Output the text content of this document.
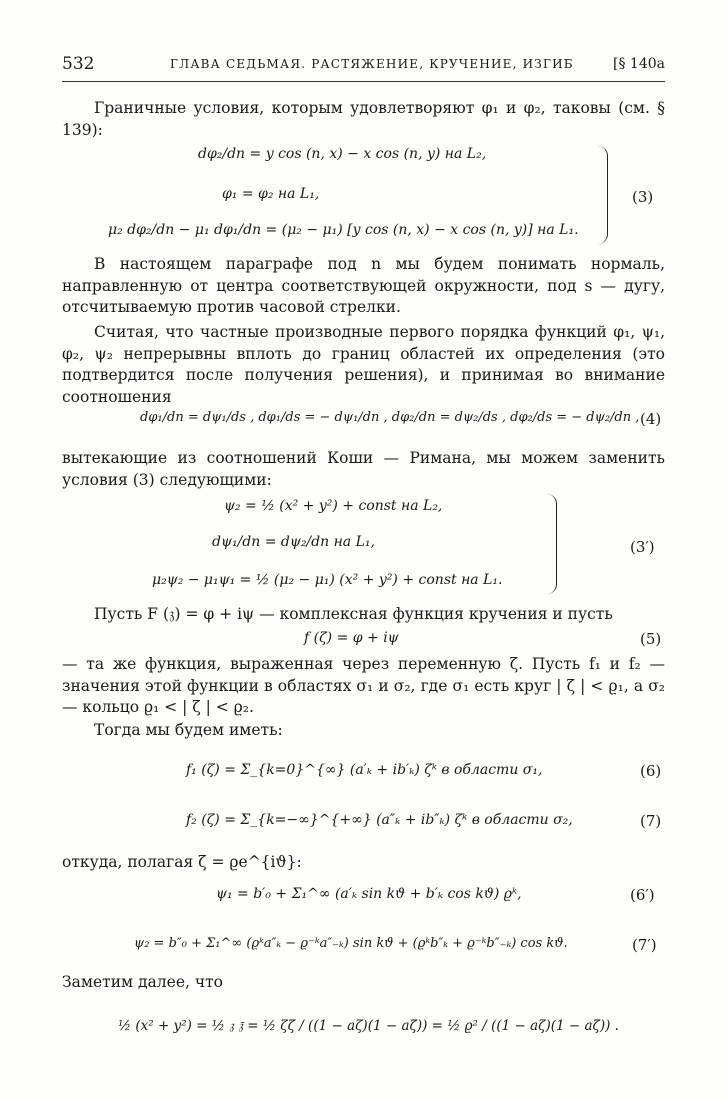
532	ГЛАВА СЕДЬМАЯ. РАСТЯЖЕНИЕ, КРУЧЕНИЕ, ИЗГИБ	[§ 140а
Граничные условия, которым удовлетворяют φ₁ и φ₂, таковы (см. § 139):
dφ₂/dn = y cos (n, x) − x cos (n, y) на L₂,
φ₁ = φ₂ на L₁,
μ₂ dφ₂/dn − μ₁ dφ₁/dn = (μ₂ − μ₁) [y cos (n, x) − x cos (n, y)] на L₁.
(3)
В настоящем параграфе под n мы будем понимать нормаль, направленную от центра соответствующей окружности, под s — дугу, отсчитываемую против часовой стрелки.
Считая, что частные производные первого порядка функций φ₁, ψ₁, φ₂, ψ₂ непрерывны вплоть до границ областей их определения (это подтвердится после получения решения), и принимая во внимание соотношения
dφ₁/dn = dψ₁/ds , dφ₁/ds = − dψ₁/dn , dφ₂/dn = dψ₂/ds , dφ₂/ds = − dψ₂/dn , (4)
вытекающие из соотношений Коши — Римана, мы можем заменить условия (3) следующими:
ψ₂ = ½ (x² + y²) + const на L₂,
dψ₁/dn = dψ₂/dn на L₁,
μ₂ψ₂ − μ₁ψ₁ = ½ (μ₂ − μ₁) (x² + y²) + const на L₁.
(3′)
Пусть F (𝔷) = φ + iψ — комплексная функция кручения и пусть
f (ζ) = φ + iψ	(5)
— та же функция, выраженная через переменную ζ. Пусть f₁ и f₂ — значения этой функции в областях σ₁ и σ₂, где σ₁ есть круг | ζ | < ϱ₁, а σ₂ — кольцо ϱ₁ < | ζ | < ϱ₂.
Тогда мы будем иметь:
f₁ (ζ) = Σ_{k=0}^{∞} (a′ₖ + ib′ₖ) ζᵏ в области σ₁,	(6)
f₂ (ζ) = Σ_{k=−∞}^{+∞} (a″ₖ + ib″ₖ) ζᵏ в области σ₂,	(7)
откуда, полагая ζ = ϱe^{iϑ}:
ψ₁ = b′₀ + Σ₁^∞ (a′ₖ sin kϑ + b′ₖ cos kϑ) ϱᵏ,	(6′)
ψ₂ = b″₀ + Σ₁^∞ (ϱᵏa″ₖ − ϱ⁻ᵏa″₋ₖ) sin kϑ + (ϱᵏb″ₖ + ϱ⁻ᵏb″₋ₖ) cos kϑ.	(7′)
Заметим далее, что
½ (x² + y²) = ½ 𝔷 𝔷̄ = ½ ζζ̄ / ((1 − aζ)(1 − aζ̄)) = ½ ϱ² / ((1 − aζ)(1 − aζ̄)) .
